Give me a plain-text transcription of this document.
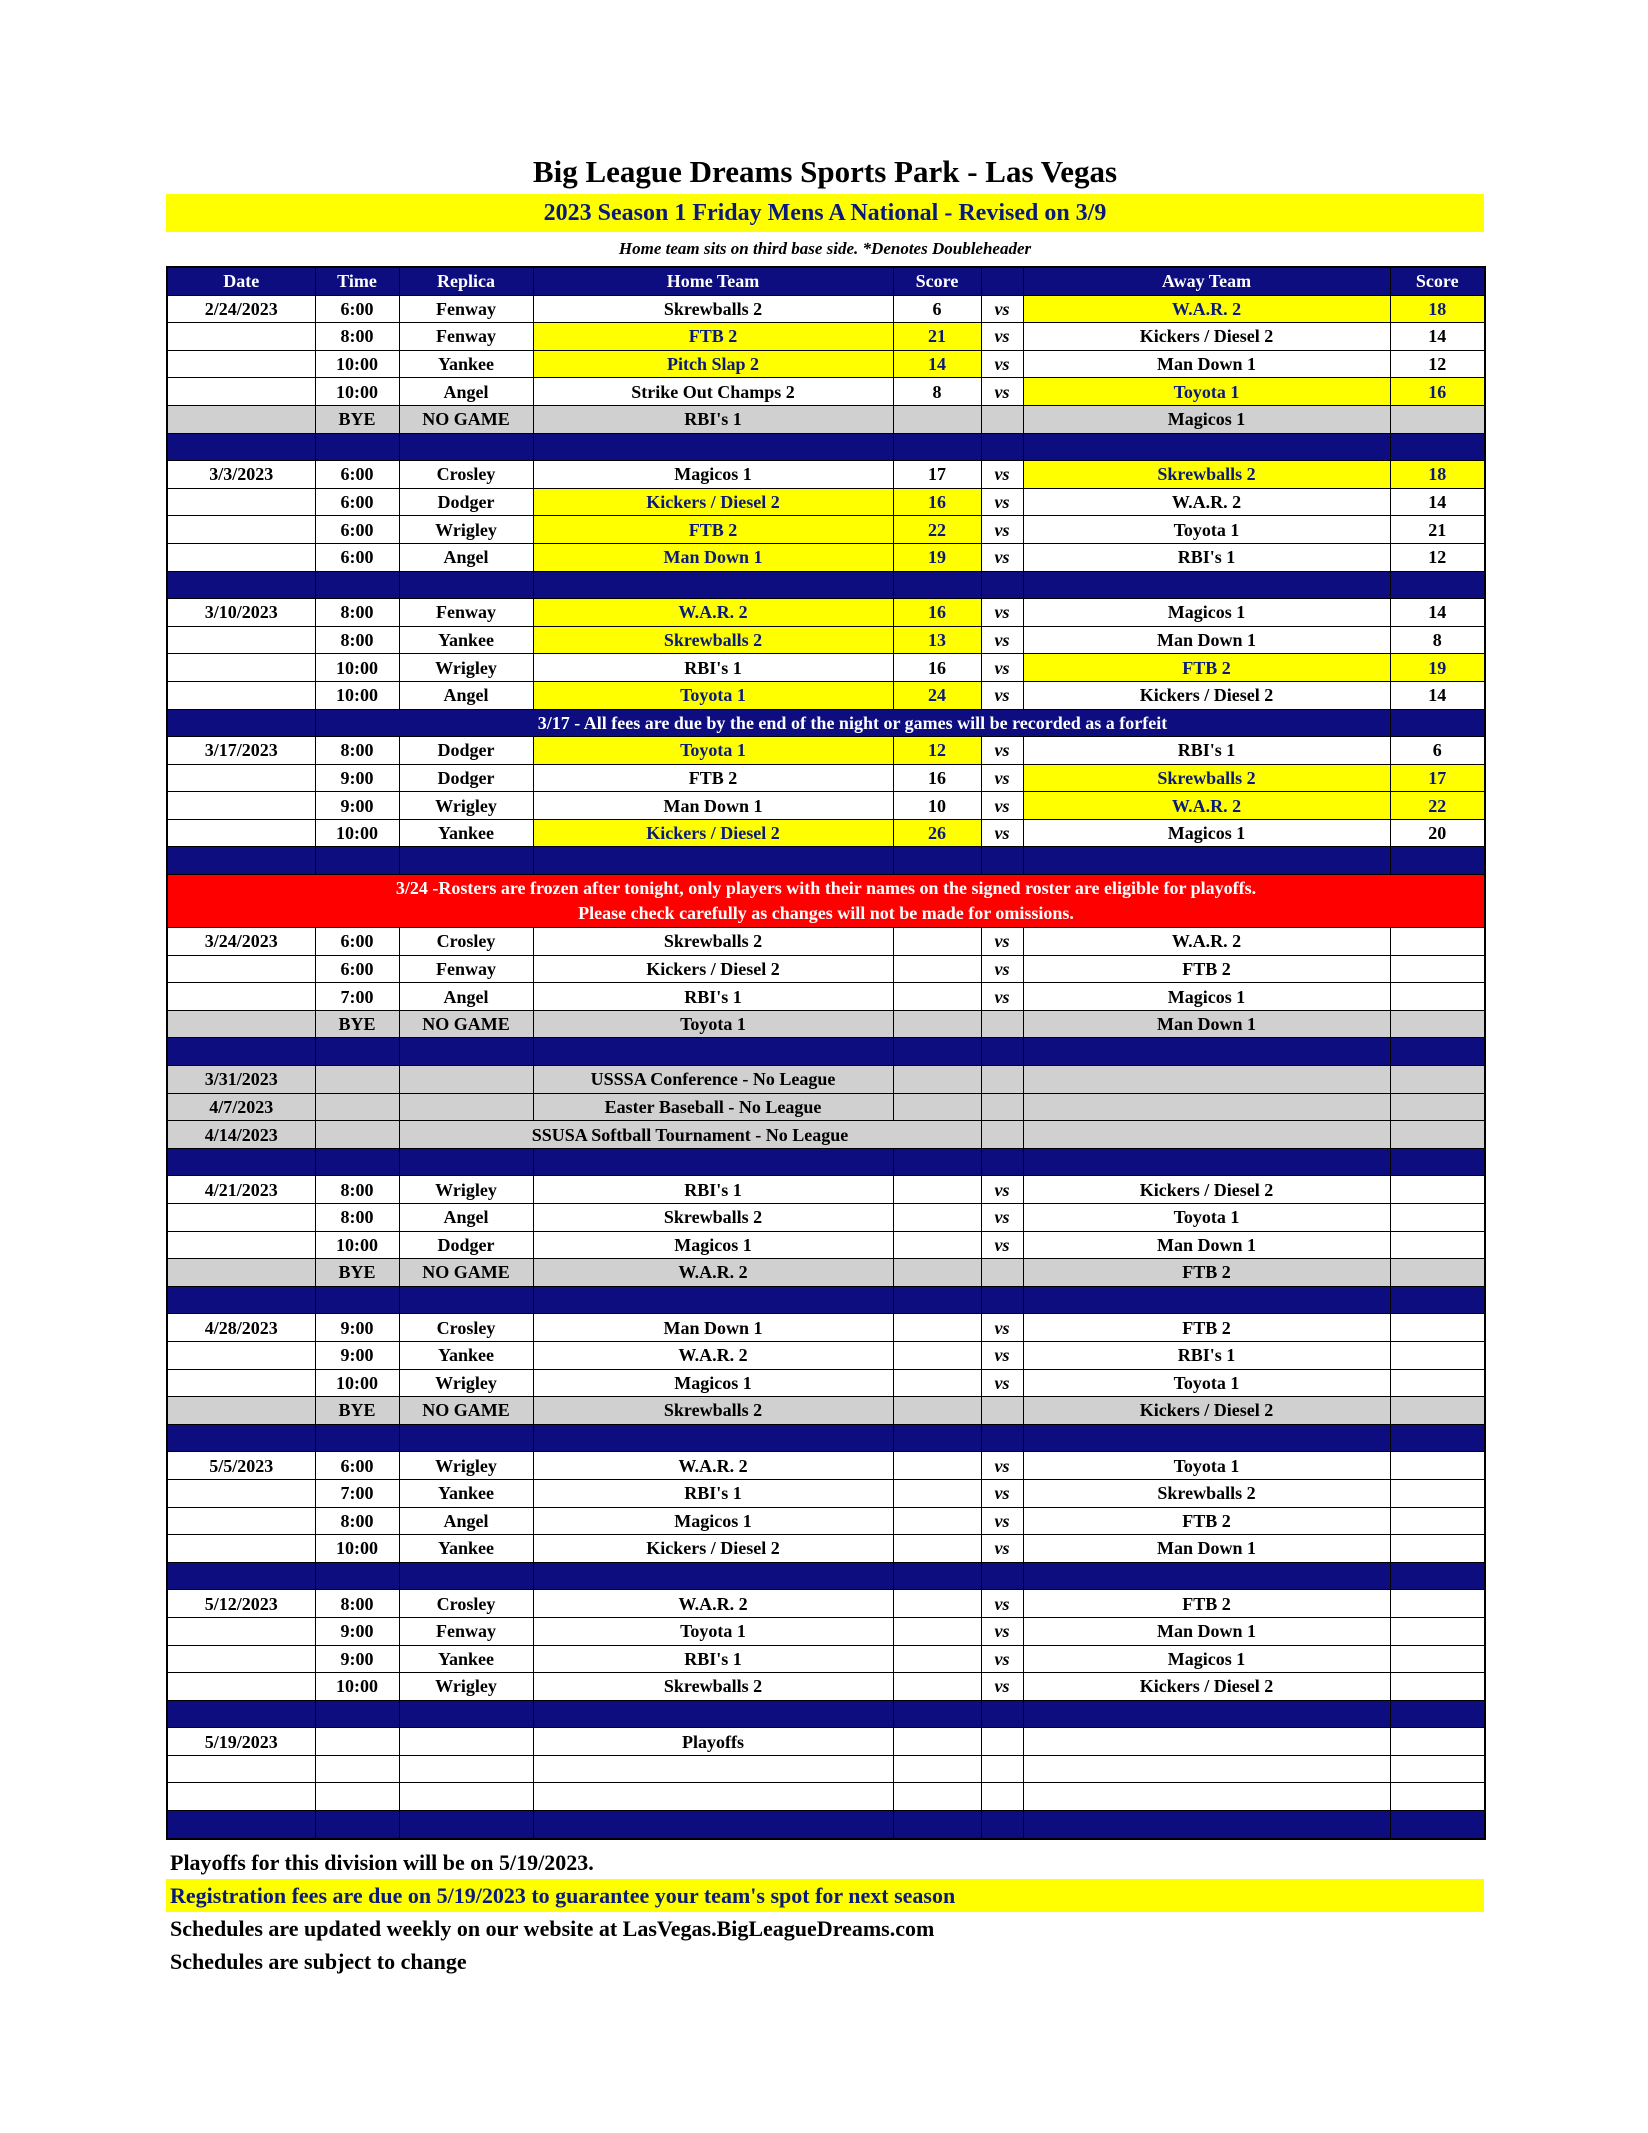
Big League Dreams Sports Park - Las Vegas
2023 Season 1 Friday Mens A National - Revised on 3/9
Home team sits on third base side. *Denotes Doubleheader
Date	Time	Replica	Home Team	Score		Away Team	Score
2/24/2023	6:00	Fenway	Skrewballs 2	6	vs	W.A.R. 2	18
	8:00	Fenway	FTB 2	21	vs	Kickers / Diesel 2	14
	10:00	Yankee	Pitch Slap 2	14	vs	Man Down 1	12
	10:00	Angel	Strike Out Champs 2	8	vs	Toyota 1	16
	BYE	NO GAME	RBI's 1			Magicos 1	

3/3/2023	6:00	Crosley	Magicos 1	17	vs	Skrewballs 2	18
	6:00	Dodger	Kickers / Diesel 2	16	vs	W.A.R. 2	14
	6:00	Wrigley	FTB 2	22	vs	Toyota 1	21
	6:00	Angel	Man Down 1	19	vs	RBI's 1	12

3/10/2023	8:00	Fenway	W.A.R. 2	16	vs	Magicos 1	14
	8:00	Yankee	Skrewballs 2	13	vs	Man Down 1	8
	10:00	Wrigley	RBI's 1	16	vs	FTB 2	19
	10:00	Angel	Toyota 1	24	vs	Kickers / Diesel 2	14
	3/17 - All fees are due by the end of the night or games will be recorded as a forfeit						
3/17/2023	8:00	Dodger	Toyota 1	12	vs	RBI's 1	6
	9:00	Dodger	FTB 2	16	vs	Skrewballs 2	17
	9:00	Wrigley	Man Down 1	10	vs	W.A.R. 2	22
	10:00	Yankee	Kickers / Diesel 2	26	vs	Magicos 1	20

3/24 -Rosters are frozen after tonight, only players with their names on the signed roster are eligible for playoffs.
Please check carefully as changes will not be made for omissions.							

3/24/2023	6:00	Crosley	Skrewballs 2		vs	W.A.R. 2	
	6:00	Fenway	Kickers / Diesel 2		vs	FTB 2	
	7:00	Angel	RBI's 1		vs	Magicos 1	
	BYE	NO GAME	Toyota 1			Man Down 1	

3/31/2023			USSSA Conference - No League				
4/7/2023			Easter Baseball - No League				
4/14/2023		SSUSA Softball Tournament - No League					

4/21/2023	8:00	Wrigley	RBI's 1		vs	Kickers / Diesel 2	
	8:00	Angel	Skrewballs 2		vs	Toyota 1	
	10:00	Dodger	Magicos 1		vs	Man Down 1	
	BYE	NO GAME	W.A.R. 2			FTB 2	

4/28/2023	9:00	Crosley	Man Down 1		vs	FTB 2	
	9:00	Yankee	W.A.R. 2		vs	RBI's 1	
	10:00	Wrigley	Magicos 1		vs	Toyota 1	
	BYE	NO GAME	Skrewballs 2			Kickers / Diesel 2	

5/5/2023	6:00	Wrigley	W.A.R. 2		vs	Toyota 1	
	7:00	Yankee	RBI's 1		vs	Skrewballs 2	
	8:00	Angel	Magicos 1		vs	FTB 2	
	10:00	Yankee	Kickers / Diesel 2		vs	Man Down 1	

5/12/2023	8:00	Crosley	W.A.R. 2		vs	FTB 2	
	9:00	Fenway	Toyota 1		vs	Man Down 1	
	9:00	Yankee	RBI's 1		vs	Magicos 1	
	10:00	Wrigley	Skrewballs 2		vs	Kickers / Diesel 2	

5/19/2023			Playoffs				

Playoffs for this division will be on 5/19/2023.
Registration fees are due on 5/19/2023 to guarantee your team's spot for next season
Schedules are updated weekly on our website at LasVegas.BigLeagueDreams.com
Schedules are subject to change
